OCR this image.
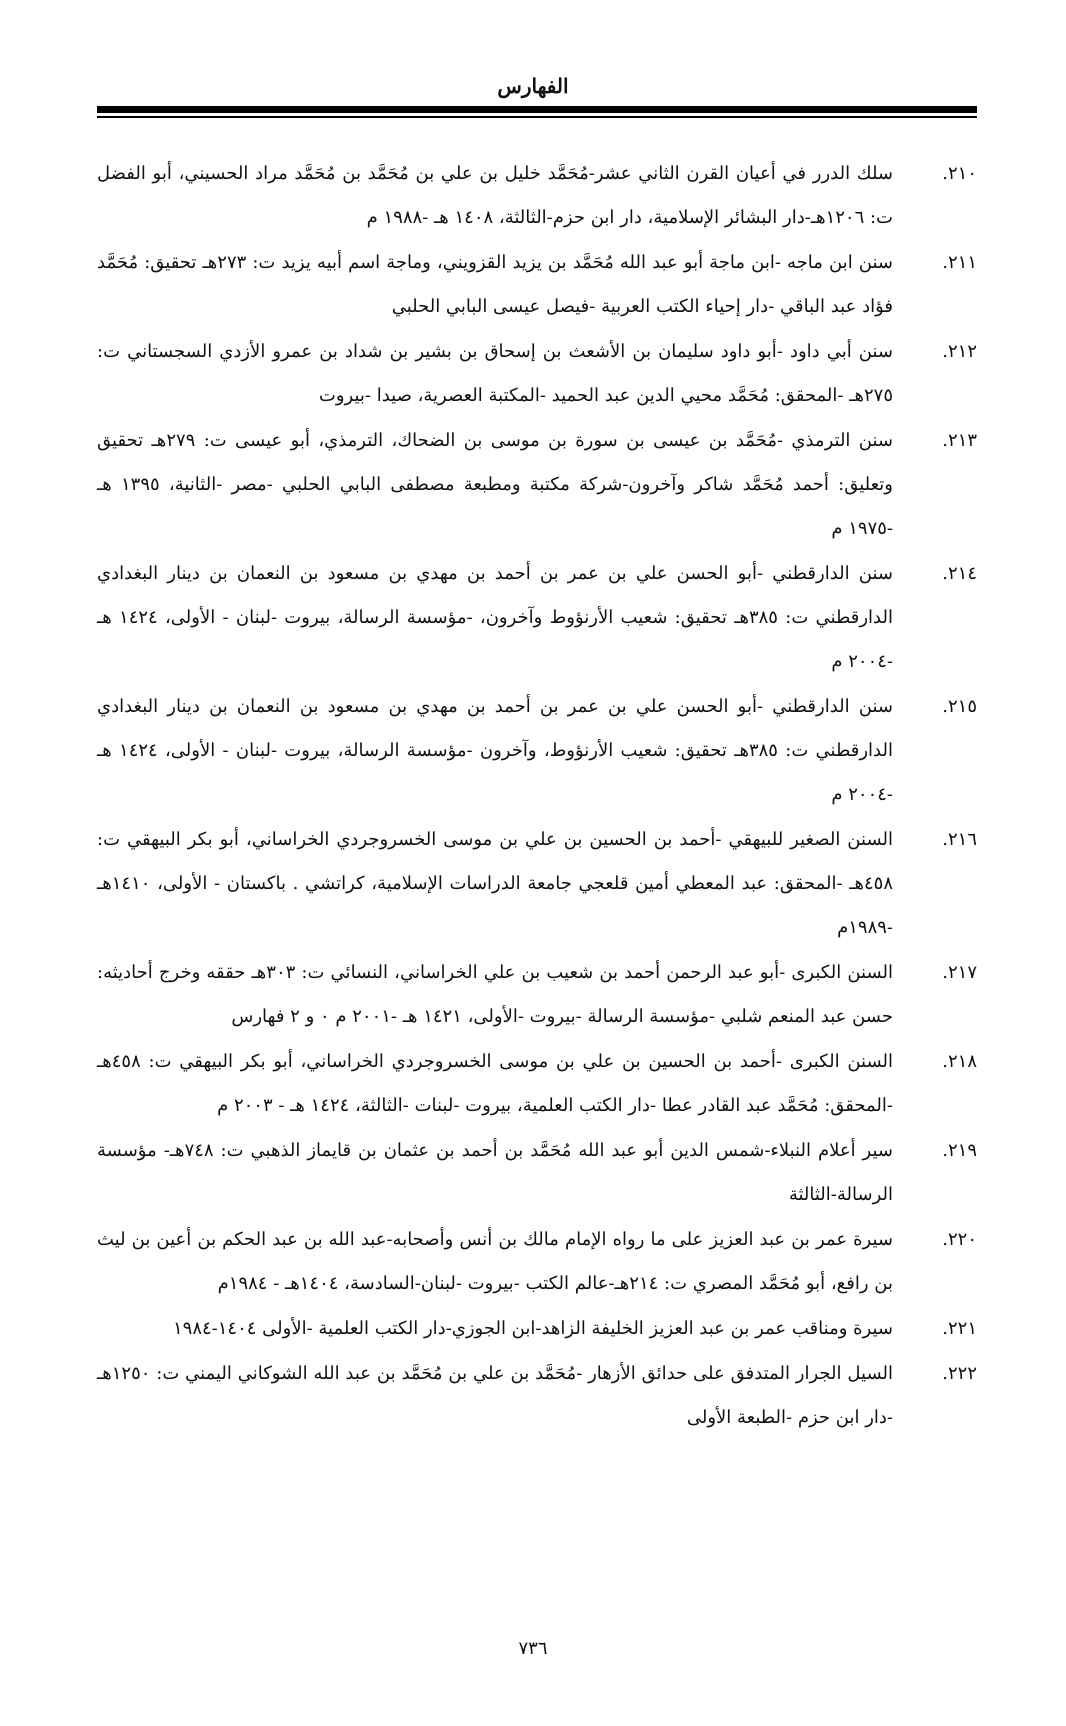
الفهارس
٢١٠.
سلك الدرر في أعيان القرن الثاني عشر-مُحَمَّد خليل بن علي بن مُحَمَّد بن مُحَمَّد مراد الحسيني، أبو الفضل ت: ١٢٠٦هـ-دار البشائر الإسلامية، دار ابن حزم-الثالثة، ١٤٠٨ هـ -١٩٨٨ م
٢١١.
سنن ابن ماجه -ابن ماجة أبو عبد الله مُحَمَّد بن يزيد القزويني، وماجة اسم أبيه يزيد ت: ٢٧٣هـ تحقيق: مُحَمَّد فؤاد عبد الباقي -دار إحياء الكتب العربية -فيصل عيسى البابي الحلبي
٢١٢.
سنن أبي داود -أبو داود سليمان بن الأشعث بن إسحاق بن بشير بن شداد بن عمرو الأزدي السجستاني ت: ٢٧٥هـ -المحقق: مُحَمَّد محيي الدين عبد الحميد -المكتبة العصرية، صيدا -بيروت
٢١٣.
سنن الترمذي -مُحَمَّد بن عيسى بن سورة بن موسى بن الضحاك، الترمذي، أبو عيسى ت: ٢٧٩هـ تحقيق وتعليق: أحمد مُحَمَّد شاكر وآخرون-شركة مكتبة ومطبعة مصطفى البابي الحلبي -مصر -الثانية، ١٣٩٥ هـ -١٩٧٥ م
٢١٤.
سنن الدارقطني -أبو الحسن علي بن عمر بن أحمد بن مهدي بن مسعود بن النعمان بن دينار البغدادي الدارقطني ت: ٣٨٥هـ تحقيق: شعيب الأرنؤوط وآخرون، -مؤسسة الرسالة، بيروت -لبنان - الأولى، ١٤٢٤ هـ -٢٠٠٤ م
٢١٥.
سنن الدارقطني -أبو الحسن علي بن عمر بن أحمد بن مهدي بن مسعود بن النعمان بن دينار البغدادي الدارقطني ت: ٣٨٥هـ تحقيق: شعيب الأرنؤوط، وآخرون -مؤسسة الرسالة، بيروت -لبنان - الأولى، ١٤٢٤ هـ -٢٠٠٤ م
٢١٦.
السنن الصغير للبيهقي -أحمد بن الحسين بن علي بن موسى الخسروجردي الخراساني، أبو بكر البيهقي ت: ٤٥٨هـ -المحقق: عبد المعطي أمين قلعجي جامعة الدراسات الإسلامية، كراتشي . باكستان - الأولى، ١٤١٠هـ -١٩٨٩م
٢١٧.
السنن الكبرى -أبو عبد الرحمن أحمد بن شعيب بن علي الخراساني، النسائي ت: ٣٠٣هـ حققه وخرج أحاديثه: حسن عبد المنعم شلبي -مؤسسة الرسالة -بيروت -الأولى، ١٤٢١ هـ -٢٠٠١ م ٠ و ٢ فهارس
٢١٨.
السنن الكبرى -أحمد بن الحسين بن علي بن موسى الخسروجردي الخراساني، أبو بكر البيهقي ت: ٤٥٨هـ -المحقق: مُحَمَّد عبد القادر عطا -دار الكتب العلمية، بيروت -لبنات -الثالثة، ١٤٢٤ هـ - ٢٠٠٣ م
٢١٩.
سير أعلام النبلاء-شمس الدين أبو عبد الله مُحَمَّد بن أحمد بن عثمان بن قايماز الذهبي ت: ٧٤٨هـ- مؤسسة الرسالة-الثالثة
٢٢٠.
سيرة عمر بن عبد العزيز على ما رواه الإمام مالك بن أنس وأصحابه-عبد الله بن عبد الحكم بن أعين بن ليث بن رافع، أبو مُحَمَّد المصري ت: ٢١٤هـ-عالم الكتب -بيروت -لبنان-السادسة، ١٤٠٤هـ - ١٩٨٤م
٢٢١.
سيرة ومناقب عمر بن عبد العزيز الخليفة الزاهد-ابن الجوزي-دار الكتب العلمية -الأولى ١٤٠٤-١٩٨٤
٢٢٢.
السيل الجرار المتدفق على حدائق الأزهار -مُحَمَّد بن علي بن مُحَمَّد بن عبد الله الشوكاني اليمني ت: ١٢٥٠هـ -دار ابن حزم -الطبعة الأولى
٧٣٦
